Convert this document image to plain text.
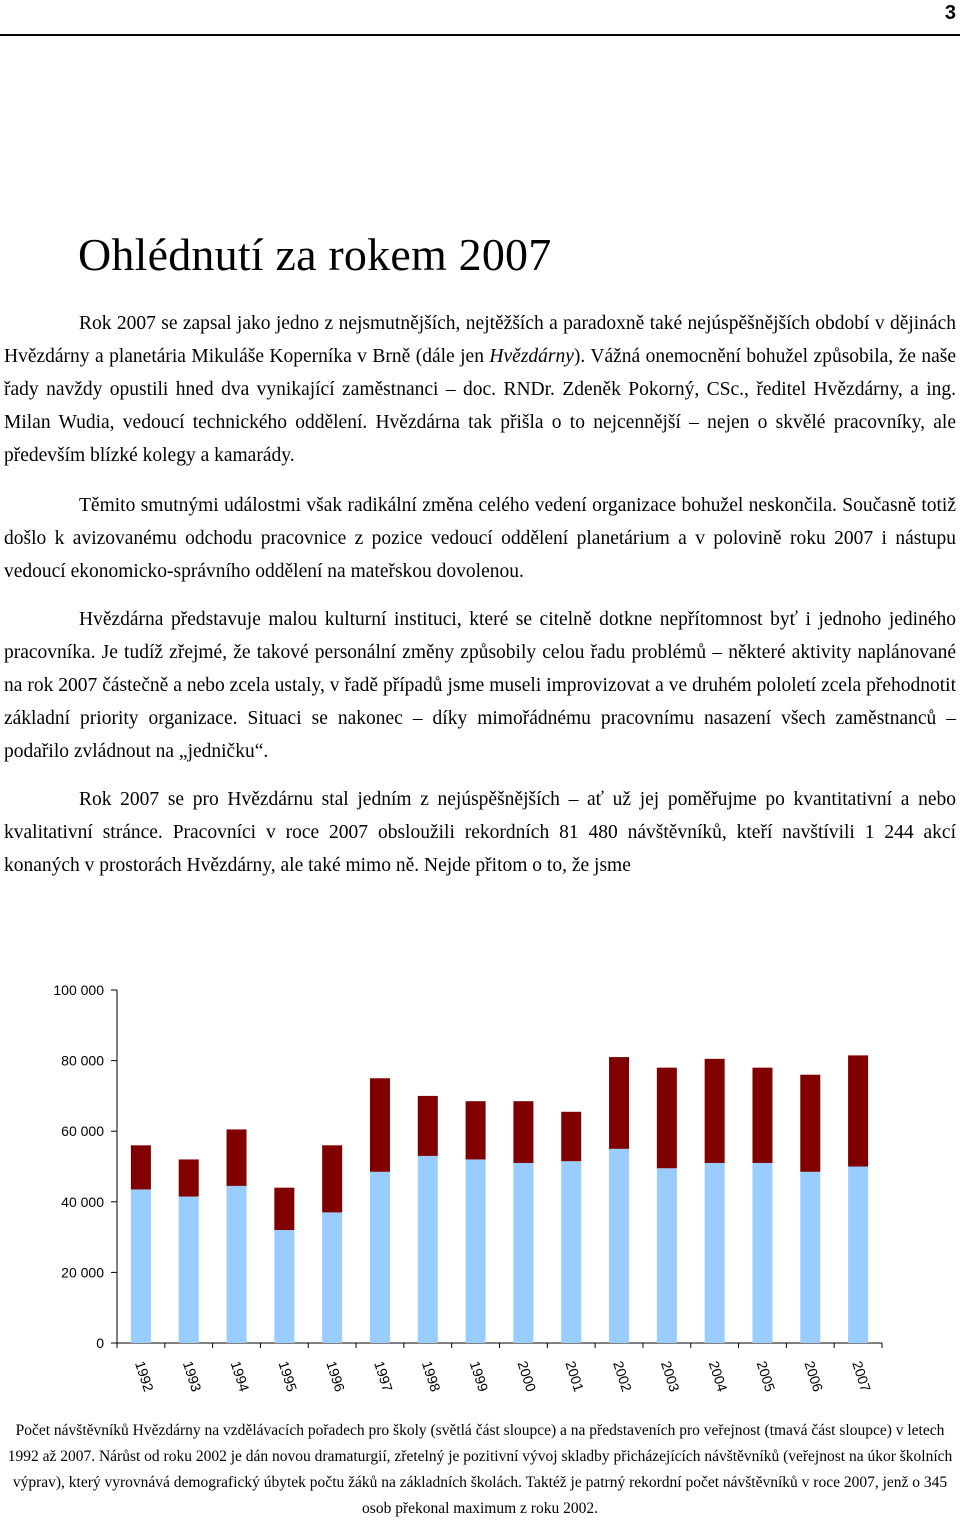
3
Ohlédnutí za rokem 2007

Rok 2007 se zapsal jako jedno z nejsmutnějších, nejtěžších a paradoxně také nejúspěšnějších období v dějinách Hvězdárny a planetária Mikuláše Koperníka v Brně (dále jen Hvězdárny). Vážná onemocnění bohužel způsobila, že naše řady navždy opustili hned dva vynikající zaměstnanci – doc. RNDr. Zdeněk Pokorný, CSc., ředitel Hvězdárny, a ing. Milan Wudia, vedoucí technického oddělení. Hvězdárna tak přišla o to nejcennější – nejen o skvělé pracovníky, ale především blízké kolegy a kamarády.

Těmito smutnými událostmi však radikální změna celého vedení organizace bohužel neskončila. Současně totiž došlo k avizovanému odchodu pracovnice z pozice vedoucí oddělení planetárium a v polovině roku 2007 i nástupu vedoucí ekonomicko-správního oddělení na mateřskou dovolenou.

Hvězdárna představuje malou kulturní instituci, které se citelně dotkne nepřítomnost byť i jednoho jediného pracovníka. Je tudíž zřejmé, že takové personální změny způsobily celou řadu problémů – některé aktivity naplánované na rok 2007 částečně a nebo zcela ustaly, v řadě případů jsme museli improvizovat a ve druhém pololetí zcela přehodnotit základní priority organizace. Situaci se nakonec – díky mimořádnému pracovnímu nasazení všech zaměstnanců – podařilo zvládnout na „jedničku“.

Rok 2007 se pro Hvězdárnu stal jedním z nejúspěšnějších – ať už jej poměřujme po kvantitativní a nebo kvalitativní stránce. Pracovníci v roce 2007 obsloužili rekordních 81 480 návštěvníků, kteří navštívili 1 244 akcí konaných v prostorách Hvězdárny, ale také mimo ně. Nejde přitom o to, že jsme

0
20 000
40 000
60 000
80 000
100 000
1992 1993 1994 1995 1996 1997 1998 1999 2000 2001 2002 2003 2004 2005 2006 2007
Počet návštěvníků Hvězdárny na vzdělávacích pořadech pro školy (světlá část sloupce) a na představeních pro veřejnost (tmavá část sloupce) v letech 1992 až 2007. Nárůst od roku 2002 je dán novou dramaturgií, zřetelný je pozitivní vývoj skladby přicházejících návštěvníků (veřejnost na úkor školních výprav), který vyrovnává demografický úbytek počtu žáků na základních školách. Taktéž je patrný rekordní počet návštěvníků v roce 2007, jenž o 345 osob překonal maximum z roku 2002.
